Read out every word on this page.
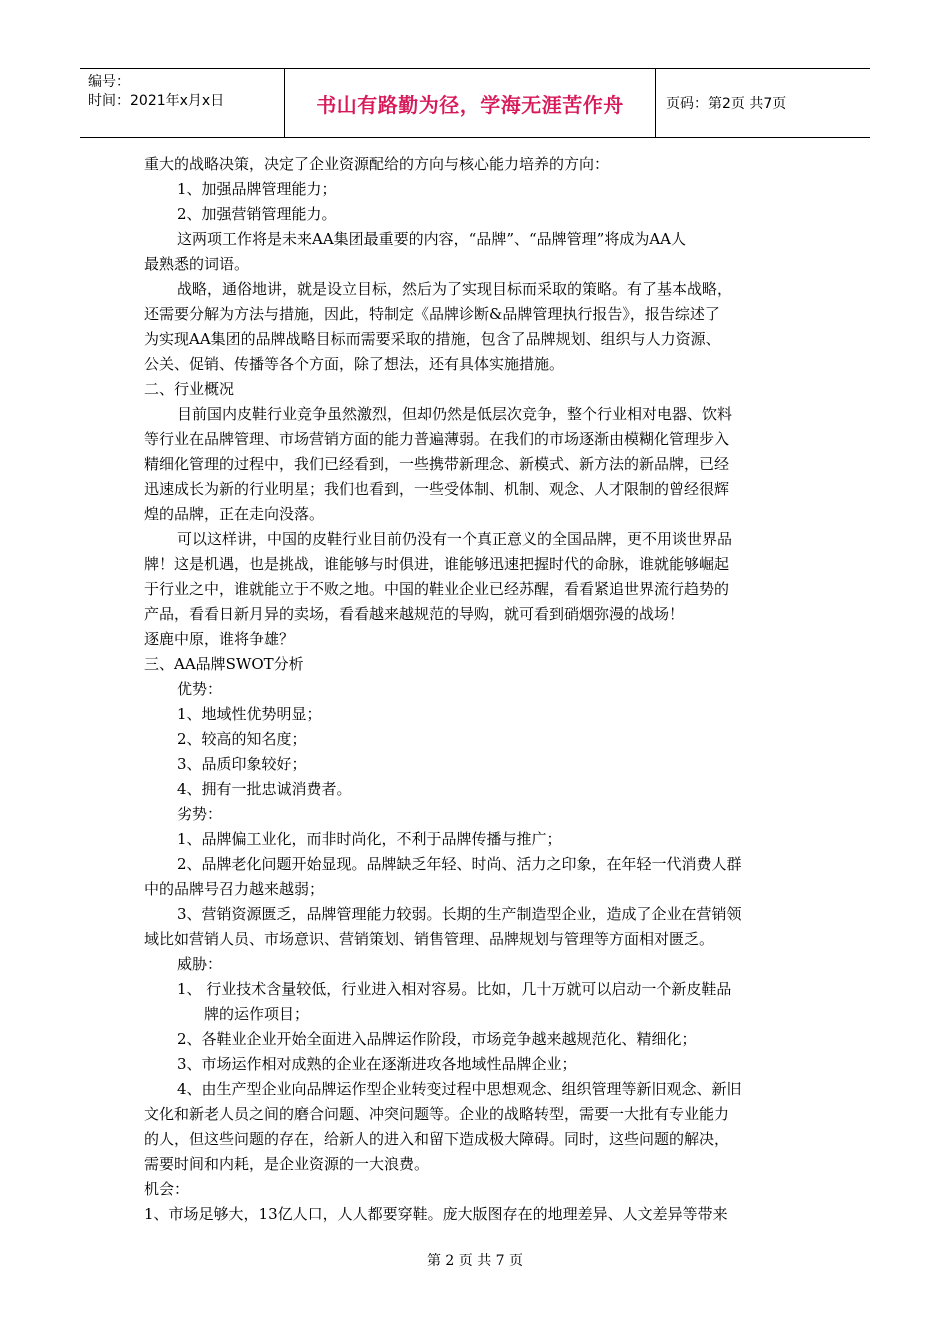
编号：
时间：2021年x月x日	书山有路勤为径，学海无涯苦作舟	页码：第2页 共7页

重大的战略决策，决定了企业资源配给的方向与核心能力培养的方向：

1、加强品牌管理能力；

2、加强营销管理能力。

这两项工作将是未来AA集团最重要的内容，“品牌”、“品牌管理”将成为AA人

最熟悉的词语。

战略，通俗地讲，就是设立目标，然后为了实现目标而采取的策略。有了基本战略，

还需要分解为方法与措施，因此，特制定《品牌诊断&品牌管理执行报告》，报告综述了

为实现AA集团的品牌战略目标而需要采取的措施，包含了品牌规划、组织与人力资源、

公关、促销、传播等各个方面，除了想法，还有具体实施措施。

二、行业概况

目前国内皮鞋行业竞争虽然激烈，但却仍然是低层次竞争，整个行业相对电器、饮料

等行业在品牌管理、市场营销方面的能力普遍薄弱。在我们的市场逐渐由模糊化管理步入

精细化管理的过程中，我们已经看到，一些携带新理念、新模式、新方法的新品牌，已经

迅速成长为新的行业明星；我们也看到，一些受体制、机制、观念、人才限制的曾经很辉

煌的品牌，正在走向没落。

可以这样讲，中国的皮鞋行业目前仍没有一个真正意义的全国品牌，更不用谈世界品

牌！这是机遇，也是挑战，谁能够与时俱进，谁能够迅速把握时代的命脉，谁就能够崛起

于行业之中，谁就能立于不败之地。中国的鞋业企业已经苏醒，看看紧追世界流行趋势的

产品，看看日新月异的卖场，看看越来越规范的导购，就可看到硝烟弥漫的战场！

逐鹿中原，谁将争雄？

三、AA品牌SWOT分析

优势：

1、地域性优势明显；

2、较高的知名度；

3、品质印象较好；

4、拥有一批忠诚消费者。

劣势：

1、品牌偏工业化，而非时尚化，不利于品牌传播与推广；

2、品牌老化问题开始显现。品牌缺乏年轻、时尚、活力之印象，在年轻一代消费人群

中的品牌号召力越来越弱；

3、营销资源匮乏，品牌管理能力较弱。长期的生产制造型企业，造成了企业在营销领

域比如营销人员、市场意识、营销策划、销售管理、品牌规划与管理等方面相对匮乏。

威胁：

1、 行业技术含量较低，行业进入相对容易。比如，几十万就可以启动一个新皮鞋品

牌的运作项目；

2、各鞋业企业开始全面进入品牌运作阶段，市场竞争越来越规范化、精细化；

3、市场运作相对成熟的企业在逐渐进攻各地域性品牌企业；

4、由生产型企业向品牌运作型企业转变过程中思想观念、组织管理等新旧观念、新旧

文化和新老人员之间的磨合问题、冲突问题等。企业的战略转型，需要一大批有专业能力

的人，但这些问题的存在，给新人的进入和留下造成极大障碍。同时，这些问题的解决，

需要时间和内耗，是企业资源的一大浪费。

机会：

1、市场足够大，13亿人口，人人都要穿鞋。庞大版图存在的地理差异、人文差异等带来

第 2 页 共 7 页
